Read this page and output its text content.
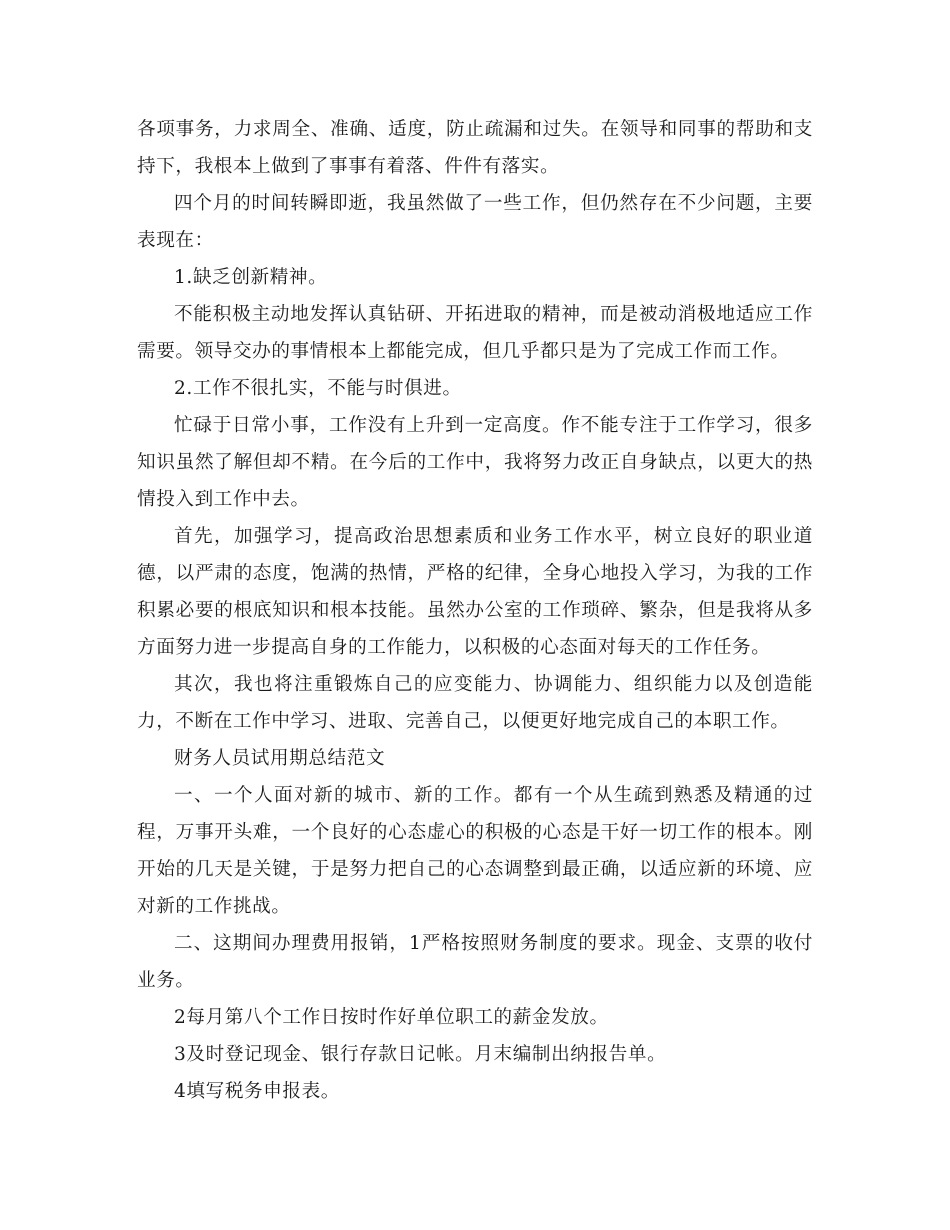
各项事务，力求周全、准确、适度，防止疏漏和过失。在领导和同事的帮助和支持下，我根本上做到了事事有着落、件件有落实。

四个月的时间转瞬即逝，我虽然做了一些工作，但仍然存在不少问题，主要表现在：

1.缺乏创新精神。

不能积极主动地发挥认真钻研、开拓进取的精神，而是被动消极地适应工作需要。领导交办的事情根本上都能完成，但几乎都只是为了完成工作而工作。

2.工作不很扎实，不能与时俱进。

忙碌于日常小事，工作没有上升到一定高度。作不能专注于工作学习，很多知识虽然了解但却不精。在今后的工作中，我将努力改正自身缺点，以更大的热情投入到工作中去。

首先，加强学习，提高政治思想素质和业务工作水平，树立良好的职业道德，以严肃的态度，饱满的热情，严格的纪律，全身心地投入学习，为我的工作积累必要的根底知识和根本技能。虽然办公室的工作琐碎、繁杂，但是我将从多方面努力进一步提高自身的工作能力，以积极的心态面对每天的工作任务。

其次，我也将注重锻炼自己的应变能力、协调能力、组织能力以及创造能力，不断在工作中学习、进取、完善自己，以便更好地完成自己的本职工作。

财务人员试用期总结范文

一、一个人面对新的城市、新的工作。都有一个从生疏到熟悉及精通的过程，万事开头难，一个良好的心态虚心的积极的心态是干好一切工作的根本。刚开始的几天是关键，于是努力把自己的心态调整到最正确，以适应新的环境、应对新的工作挑战。

二、这期间办理费用报销，1严格按照财务制度的要求。现金、支票的收付业务。

2每月第八个工作日按时作好单位职工的薪金发放。

3及时登记现金、银行存款日记帐。月末编制出纳报告单。

4填写税务申报表。
